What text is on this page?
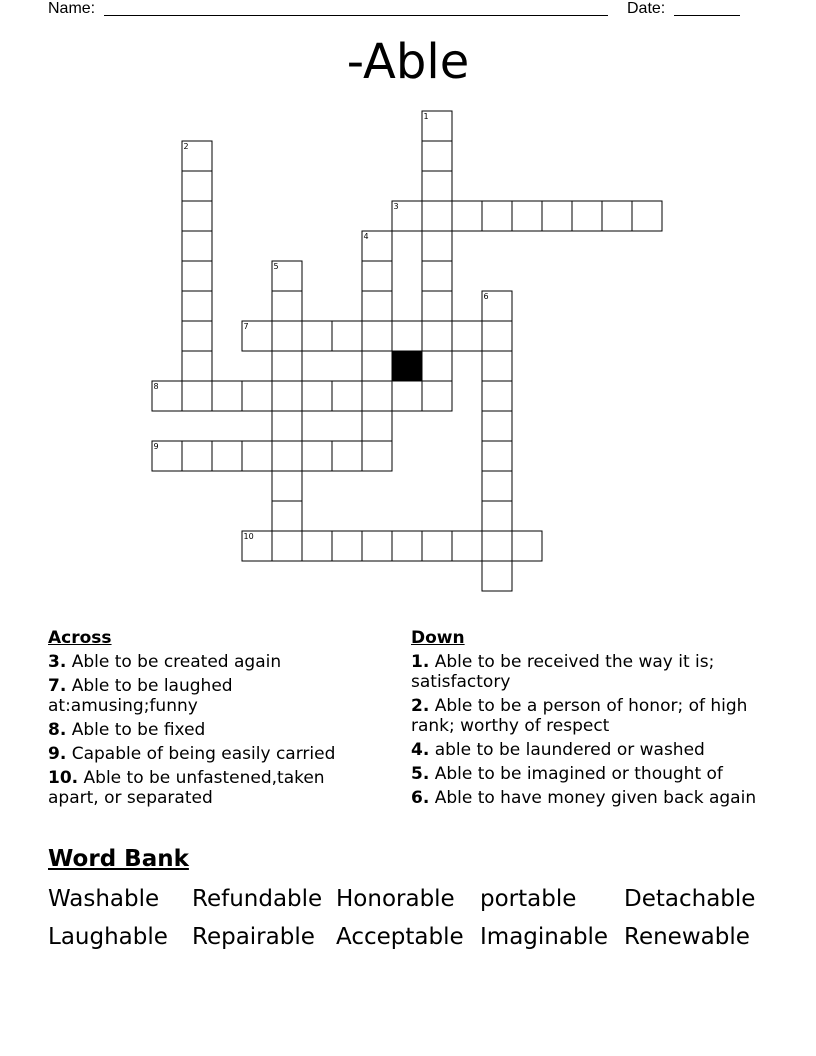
Name:	Date:
-Able
1
2
3
4
5
6
7
8
9
10
Across
3. Able to be created again
7. Able to be laughed at:amusing;funny
8. Able to be fixed
9. Capable of being easily carried
10. Able to be unfastened,taken apart, or separated
Down
1. Able to be received the way it is; satisfactory
2. Able to be a person of honor; of high rank; worthy of respect
4. able to be laundered or washed
5. Able to be imagined or thought of
6. Able to have money given back again
Word Bank
Washable Refundable Honorable portable Detachable
Laughable Repairable Acceptable Imaginable Renewable
